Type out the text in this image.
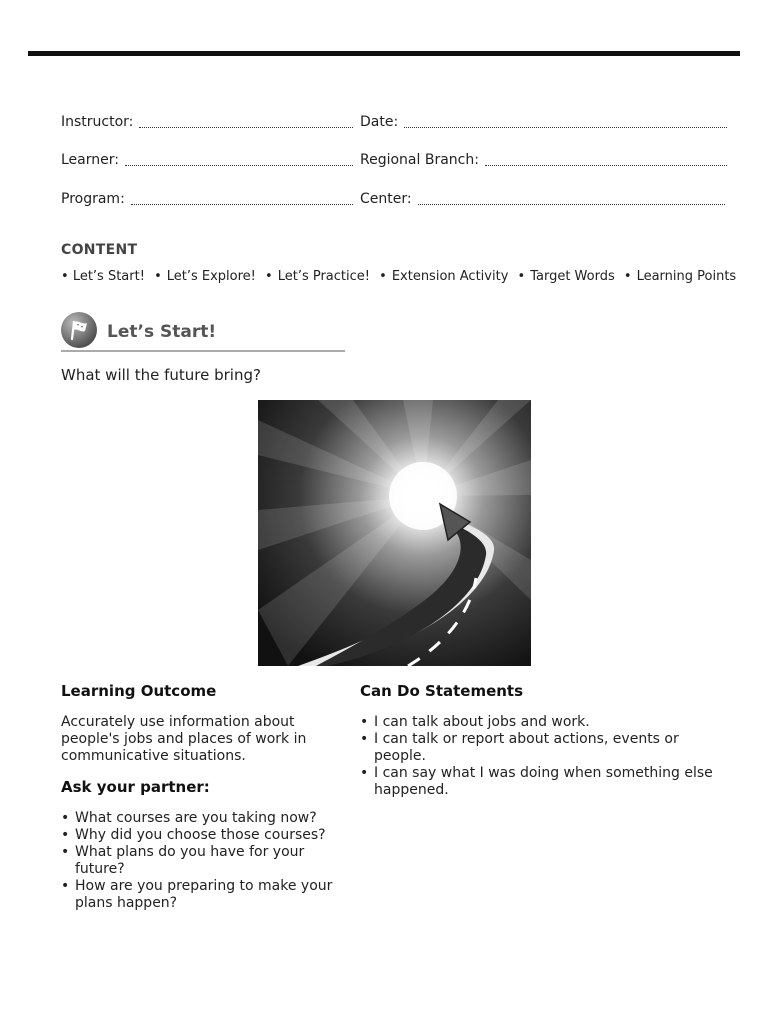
Instructor:	Date:
Learner:	Regional Branch:
Program:	Center:
CONTENT
• Let’s Start! • Let’s Explore! • Let’s Practice! • Extension Activity • Target Words • Learning Points
Let’s Start!
What will the future bring?
Learning Outcome

Accurately use information about people's jobs and places of work in communicative situations.

Ask your partner:
• What courses are you taking now?
• Why did you choose those courses?
• What plans do you have for your future?
• How are you preparing to make your plans happen?
Can Do Statements
• I can talk about jobs and work.
• I can talk or report about actions, events or people.
• I can say what I was doing when something else happened.
